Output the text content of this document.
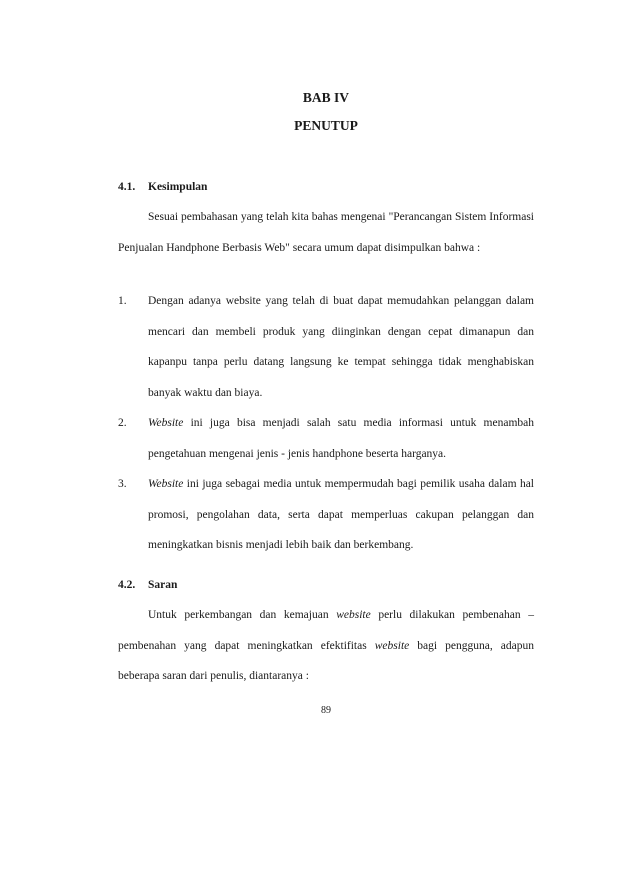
BAB IV
PENUTUP
4.1. Kesimpulan

Sesuai pembahasan yang telah kita bahas mengenai "Perancangan Sistem Informasi Penjualan Handphone Berbasis Web" secara umum dapat disimpulkan bahwa :

1. Dengan adanya website yang telah di buat dapat memudahkan pelanggan dalam mencari dan membeli produk yang diinginkan dengan cepat dimanapun dan kapanpu tanpa perlu datang langsung ke tempat sehingga tidak menghabiskan banyak waktu dan biaya.
2. Website ini juga bisa menjadi salah satu media informasi untuk menambah pengetahuan mengenai jenis - jenis handphone beserta harganya.
3. Website ini juga sebagai media untuk mempermudah bagi pemilik usaha dalam hal promosi, pengolahan data, serta dapat memperluas cakupan pelanggan dan meningkatkan bisnis menjadi lebih baik dan berkembang.
4.2. Saran

Untuk perkembangan dan kemajuan website perlu dilakukan pembenahan – pembenahan yang dapat meningkatkan efektifitas website bagi pengguna, adapun beberapa saran dari penulis, diantaranya :

89
